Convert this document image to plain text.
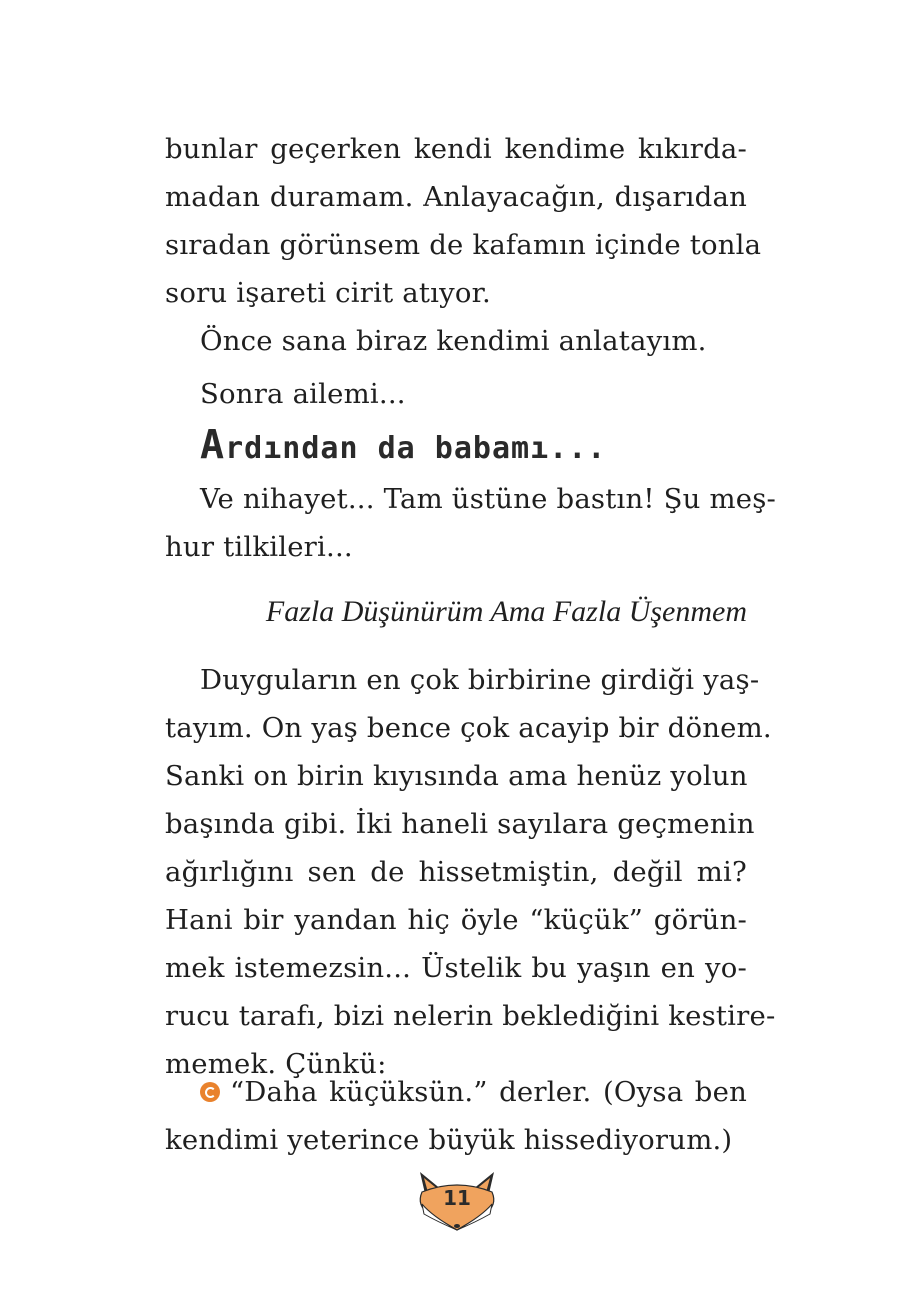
bunlar geçerken kendi kendime kıkırda-
madan duramam. Anlayacağın, dışarıdan
sıradan görünsem de kafamın içinde tonla
soru işareti cirit atıyor.
Önce sana biraz kendimi anlatayım.
Sonra ailemi...
Ardından da babamı...
Ve nihayet... Tam üstüne bastın! Şu meş-
hur tilkileri...
Fazla Düşünürüm Ama Fazla Üşenmem
Duyguların en çok birbirine girdiği yaş-
tayım. On yaş bence çok acayip bir dönem.
Sanki on birin kıyısında ama henüz yolun
başında gibi. İki haneli sayılara geçmenin
ağırlığını sen de hissetmiştin, değil mi?
Hani bir yandan hiç öyle “küçük” görün-
mek istemezsin... Üstelik bu yaşın en yo-
rucu tarafı, bizi nelerin beklediğini kestire-
memek. Çünkü:
“Daha küçüksün.” derler. (Oysa ben
kendimi yeterince büyük hissediyorum.)
11
